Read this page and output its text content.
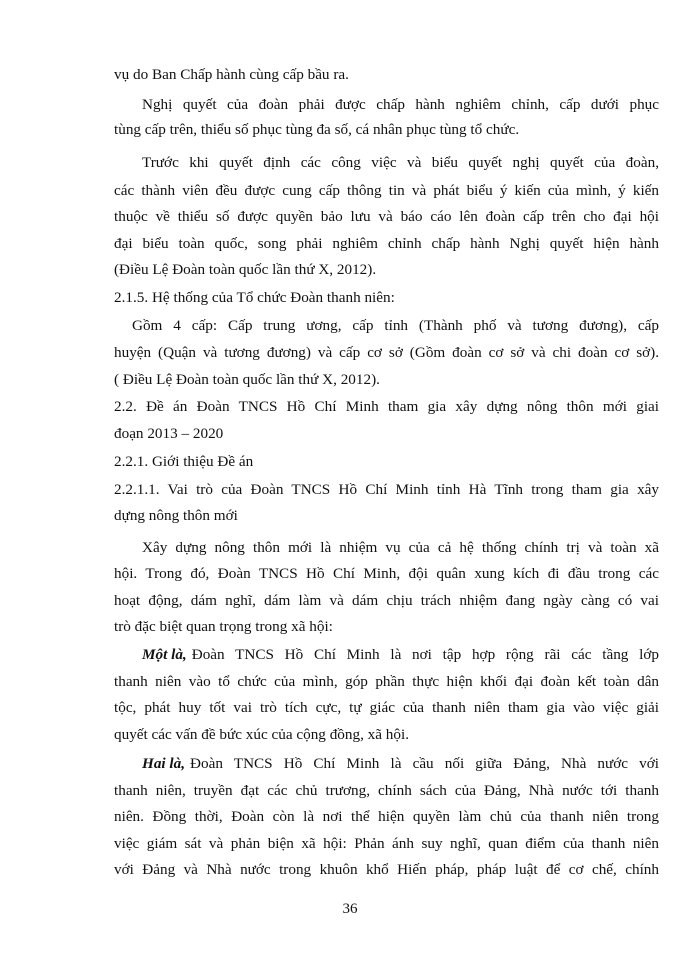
vụ do Ban Chấp hành cùng cấp bầu ra.
Nghị quyết của đoàn phải được chấp hành nghiêm chỉnh, cấp dưới phục
tùng cấp trên, thiểu số phục tùng đa số, cá nhân phục tùng tổ chức.
Trước khi quyết định các công việc và biểu quyết nghị quyết của đoàn,
các thành viên đều được cung cấp thông tin và phát biểu ý kiến của mình, ý kiến
thuộc về thiểu số được quyền bảo lưu và báo cáo lên đoàn cấp trên cho đại hội
đại biểu toàn quốc, song phải nghiêm chỉnh chấp hành Nghị quyết hiện hành
(Điều Lệ Đoàn toàn quốc lần thứ X, 2012).
2.1.5. Hệ thống của Tổ chức Đoàn thanh niên:
Gồm 4 cấp: Cấp trung ương, cấp tỉnh (Thành phố và tương đương), cấp
huyện (Quận và tương đương) và cấp cơ sở (Gồm đoàn cơ sở và chi đoàn cơ sở).
( Điều Lệ Đoàn toàn quốc lần thứ X, 2012).
2.2. Đề án Đoàn TNCS Hồ Chí Minh tham gia xây dựng nông thôn mới giai
đoạn 2013 – 2020
2.2.1. Giới thiệu Đề án
2.2.1.1. Vai trò của Đoàn TNCS Hồ Chí Minh tỉnh Hà Tĩnh trong tham gia xây
dựng nông thôn mới
Xây dựng nông thôn mới là nhiệm vụ của cả hệ thống chính trị và toàn xã
hội. Trong đó, Đoàn TNCS Hồ Chí Minh, đội quân xung kích đi đầu trong các
hoạt động, dám nghĩ, dám làm và dám chịu trách nhiệm đang ngày càng có vai
trò đặc biệt quan trọng trong xã hội:
Một là, Đoàn TNCS Hồ Chí Minh là nơi tập hợp rộng rãi các tầng lớp
thanh niên vào tổ chức của mình, góp phần thực hiện khối đại đoàn kết toàn dân
tộc, phát huy tốt vai trò tích cực, tự giác của thanh niên tham gia vào việc giải
quyết các vấn đề bức xúc của cộng đồng, xã hội.
Hai là, Đoàn TNCS Hồ Chí Minh là cầu nối giữa Đảng, Nhà nước với
thanh niên, truyền đạt các chủ trương, chính sách của Đảng, Nhà nước tới thanh
niên. Đồng thời, Đoàn còn là nơi thể hiện quyền làm chủ của thanh niên trong
việc giám sát và phản biện xã hội: Phản ánh suy nghĩ, quan điểm của thanh niên
với Đảng và Nhà nước trong khuôn khổ Hiến pháp, pháp luật để cơ chế, chính
36
